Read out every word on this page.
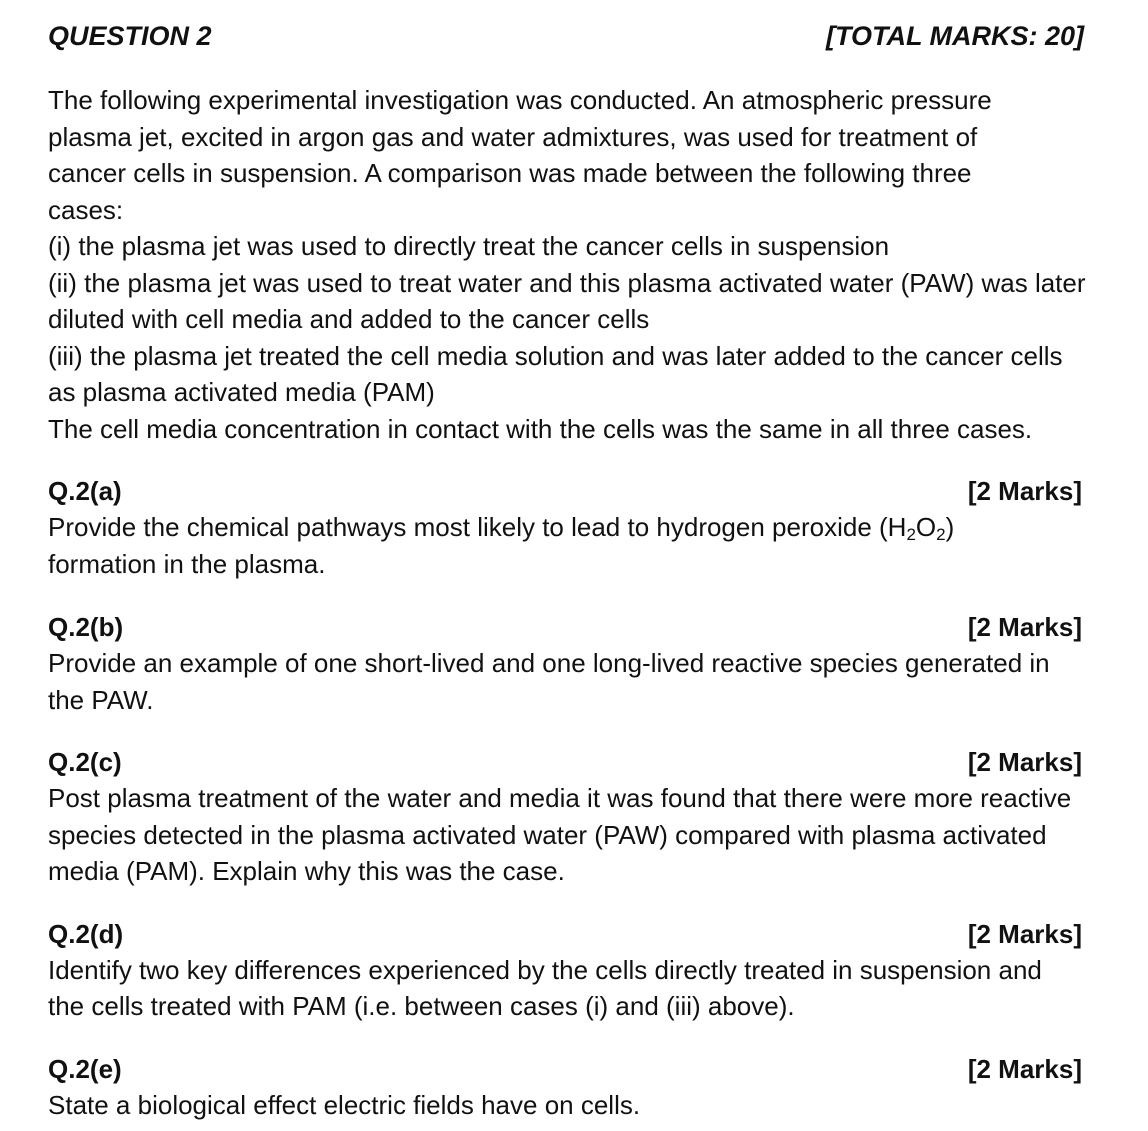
QUESTION 2	[TOTAL MARKS: 20]

The following experimental investigation was conducted. An atmospheric pressure plasma jet, excited in argon gas and water admixtures, was used for treatment of cancer cells in suspension. A comparison was made between the following three cases:

(i) the plasma jet was used to directly treat the cancer cells in suspension

(ii) the plasma jet was used to treat water and this plasma activated water (PAW) was later diluted with cell media and added to the cancer cells

(iii) the plasma jet treated the cell media solution and was later added to the cancer cells as plasma activated media (PAM)

The cell media concentration in contact with the cells was the same in all three cases.

Q.2(a)	[2 Marks]

Provide the chemical pathways most likely to lead to hydrogen peroxide $(H_2O_2)$ formation in the plasma.

Q.2(b)	[2 Marks]

Provide an example of one short-lived and one long-lived reactive species generated in the PAW.

Q.2(c)	[2 Marks]

Post plasma treatment of the water and media it was found that there were more reactive species detected in the plasma activated water (PAW) compared with plasma activated media (PAM). Explain why this was the case.

Q.2(d)	[2 Marks]

Identify two key differences experienced by the cells directly treated in suspension and the cells treated with PAM (i.e. between cases (i) and (iii) above).

Q.2(e)	[2 Marks]

State a biological effect electric fields have on cells.
